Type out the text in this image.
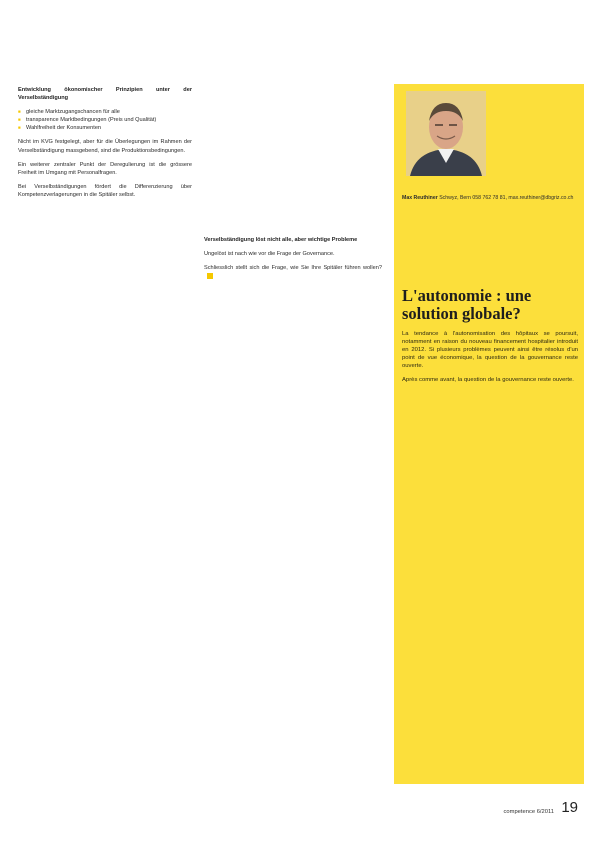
Entwicklung ökonomischer Prinzipien unter der Verselbständigung

■ gleiche Marktzugangschancen für alle
■ transparence Marktbedingungen (Preis und Qualität)
■ Wahlfreiheit der Konsumenten

Nicht im KVG festgelegt, aber für die Überlegungen im Rahmen der Verselbständigung massgebend, sind die Produktionsbedingungen.

Ein weiterer zentraler Punkt der Deregulierung ist die grössere Freiheit im Umgang mit Personalfragen.

Bei Verselbständigungen fördert die Differenzierung über Kompetenzverlagerungen in die Spitäler selbst.

Verselbständigung löst nicht alle, aber wichtige Probleme

Ungelöst ist nach wie vor die Frage der Governance.

Schliesslich stellt sich die Frage, wie Sie Ihre Spitäler führen wollen?

Max Reuthiner Schwyz, Bern 058 762 78 81, max.reuthiner@dbgriz.co.ch
L'autonomie : une solution globale?

La tendance à l'autonomisation des hôpitaux se poursuit, notamment en raison du nouveau financement hospitalier introduit en 2012. Si plusieurs problèmes peuvent ainsi être résolus d'un point de vue économique, la question de la gouvernance reste ouverte.

Après comme avant, la question de la gouvernance reste ouverte.

competence 6/2011 19
